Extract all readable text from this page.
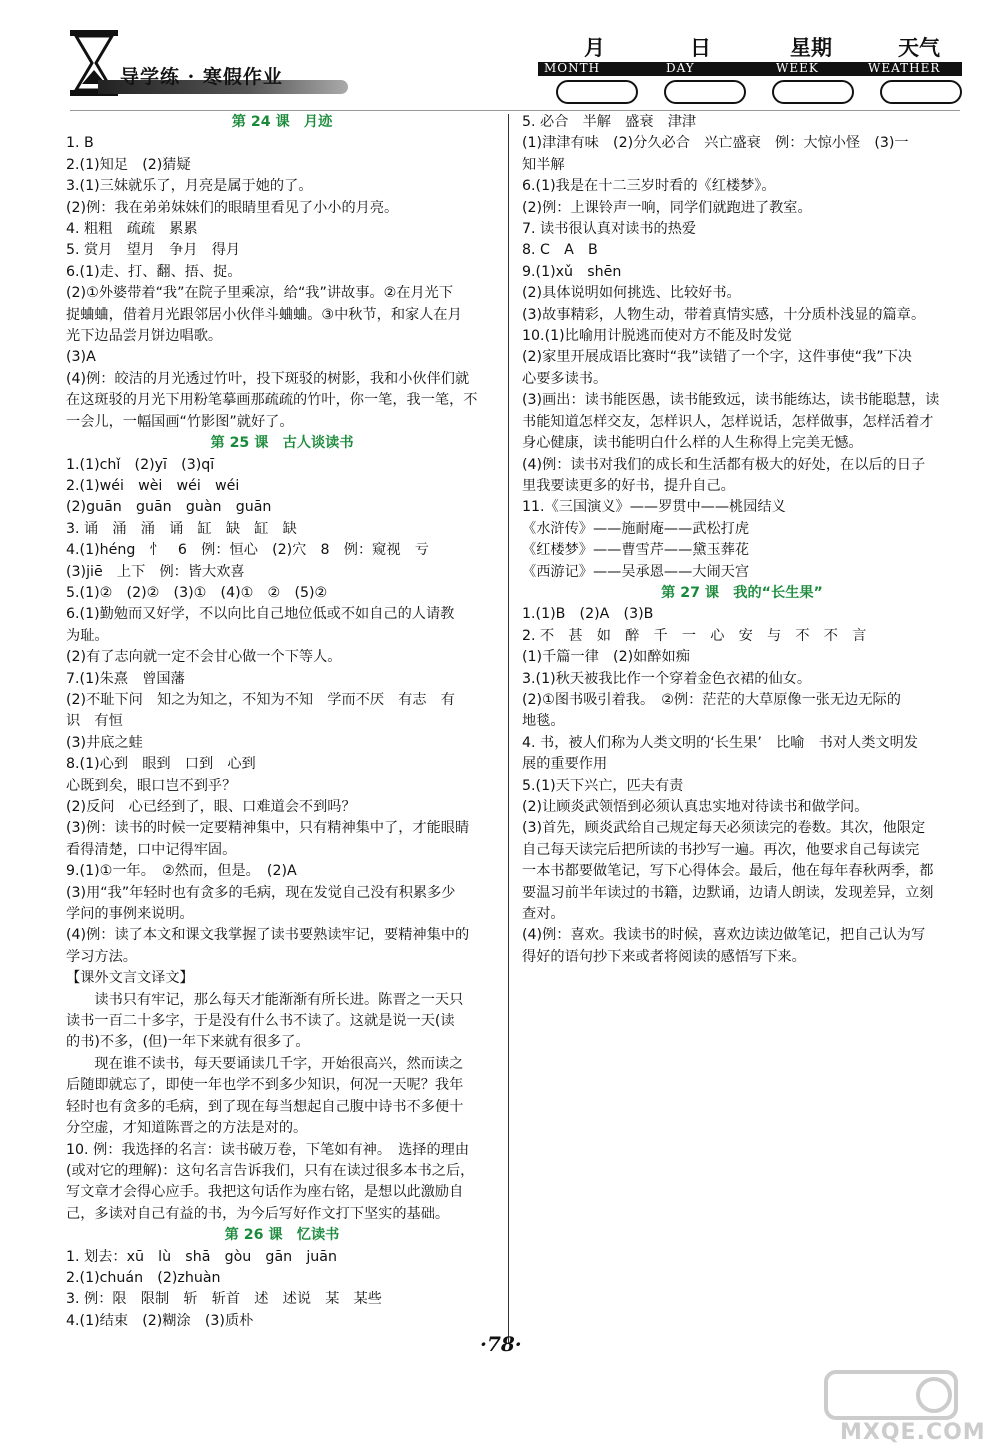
导学练 · 寒假作业
月	日	星期	天气
MONTH	DAY	WEEK	WEATHER
第 24 课　月迹
1. B
2.(1)知足　(2)猜疑
3.(1)三妹就乐了，月亮是属于她的了。
(2)例：我在弟弟妹妹们的眼睛里看见了小小的月亮。
4. 粗粗　疏疏　累累
5. 赏月　望月　争月　得月
6.(1)走、打、翻、捂、捉。
(2)①外婆带着“我”在院子里乘凉，给“我”讲故事。②在月光下
捉蛐蛐，借着月光跟邻居小伙伴斗蛐蛐。③中秋节，和家人在月
光下边品尝月饼边唱歌。
(3)A
(4)例：皎洁的月光透过竹叶，投下斑驳的树影，我和小伙伴们就
在这斑驳的月光下用粉笔摹画那疏疏的竹叶，你一笔，我一笔，不
一会儿，一幅国画“竹影图”就好了。
第 25 课　古人谈读书
1.(1)chǐ　(2)yī　(3)qī
2.(1)wéi　wèi　wéi　wéi
(2)guān　guān　guàn　guān
3. 诵　涌　涌　诵　缸　缺　缸　缺
4.(1)héng　忄　6　例：恒心　(2)穴　8　例：窥视　亏
(3)jiē　上下　例：皆大欢喜
5.(1)②　(2)②　(3)①　(4)①　②　(5)②
6.(1)勤勉而又好学，不以向比自己地位低或不如自己的人请教
为耻。
(2)有了志向就一定不会甘心做一个下等人。
7.(1)朱熹　曾国藩
(2)不耻下问　知之为知之，不知为不知　学而不厌　有志　有
识　有恒
(3)井底之蛙
8.(1)心到　眼到　口到　心到
心既到矣，眼口岂不到乎？
(2)反问　心已经到了，眼、口难道会不到吗？
(3)例：读书的时候一定要精神集中，只有精神集中了，才能眼睛
看得清楚，口中记得牢固。
9.(1)①一年。　②然而，但是。　(2)A
(3)用“我”年轻时也有贪多的毛病，现在发觉自己没有积累多少
学问的事例来说明。
(4)例：读了本文和课文我掌握了读书要熟读牢记，要精神集中的
学习方法。
【课外文言文译文】
读书只有牢记，那么每天才能渐渐有所长进。陈晋之一天只
读书一百二十多字，于是没有什么书不读了。这就是说一天(读
的书)不多，(但)一年下来就有很多了。
现在谁不读书，每天要诵读几千字，开始很高兴，然而读之
后随即就忘了，即使一年也学不到多少知识，何况一天呢？我年
轻时也有贪多的毛病，到了现在每当想起自己腹中诗书不多便十
分空虚，才知道陈晋之的方法是对的。
10. 例：我选择的名言：读书破万卷，下笔如有神。　选择的理由
(或对它的理解)：这句名言告诉我们，只有在读过很多本书之后，
写文章才会得心应手。我把这句话作为座右铭，是想以此激励自
己，多读对自己有益的书，为今后写好作文打下坚实的基础。
第 26 课　忆读书
1. 划去：xū　lù　shā　gòu　gān　juān
2.(1)chuán　(2)zhuàn
3. 例：限　限制　斩　斩首　述　述说　某　某些
4.(1)结束　(2)糊涂　(3)质朴
5. 必合　半解　盛衰　津津
(1)津津有味　(2)分久必合　兴亡盛衰　例：大惊小怪　(3)一
知半解
6.(1)我是在十二三岁时看的《红楼梦》。
(2)例：上课铃声一响，同学们就跑进了教室。
7. 读书很认真对读书的热爱
8. C　A　B
9.(1)xǔ　shēn
(2)具体说明如何挑选、比较好书。
(3)故事精彩，人物生动，带着真情实感，十分质朴浅显的篇章。
10.(1)比喻用计脱逃而使对方不能及时发觉
(2)家里开展成语比赛时“我”读错了一个字，这件事使“我”下决
心要多读书。
(3)画出：读书能医愚，读书能致远，读书能练达，读书能聪慧，读
书能知道怎样交友，怎样识人，怎样说话，怎样做事，怎样活着才
身心健康，读书能明白什么样的人生称得上完美无憾。
(4)例：读书对我们的成长和生活都有极大的好处，在以后的日子
里我要读更多的好书，提升自己。
11.《三国演义》——罗贯中——桃园结义
《水浒传》——施耐庵——武松打虎
《红楼梦》——曹雪芹——黛玉葬花
《西游记》——吴承恩——大闹天宫
第 27 课　我的“长生果”
1.(1)B　(2)A　(3)B
2. 不　甚　如　醉　千　一　心　安　与　不　不　言
(1)千篇一律　(2)如醉如痴
3.(1)秋天被我比作一个穿着金色衣裙的仙女。
(2)①图书吸引着我。　②例：茫茫的大草原像一张无边无际的
地毯。
4. 书，被人们称为人类文明的‘长生果’　比喻　书对人类文明发
展的重要作用
5.(1)天下兴亡，匹夫有责
(2)让顾炎武领悟到必须认真忠实地对待读书和做学问。
(3)首先，顾炎武给自己规定每天必须读完的卷数。其次，他限定
自己每天读完后把所读的书抄写一遍。再次，他要求自己每读完
一本书都要做笔记，写下心得体会。最后，他在每年春秋两季，都
要温习前半年读过的书籍，边默诵，边请人朗读，发现差异，立刻
查对。
(4)例：喜欢。我读书的时候，喜欢边读边做笔记，把自己认为写
得好的语句抄下来或者将阅读的感悟写下来。
·78·
MXQE.COM
